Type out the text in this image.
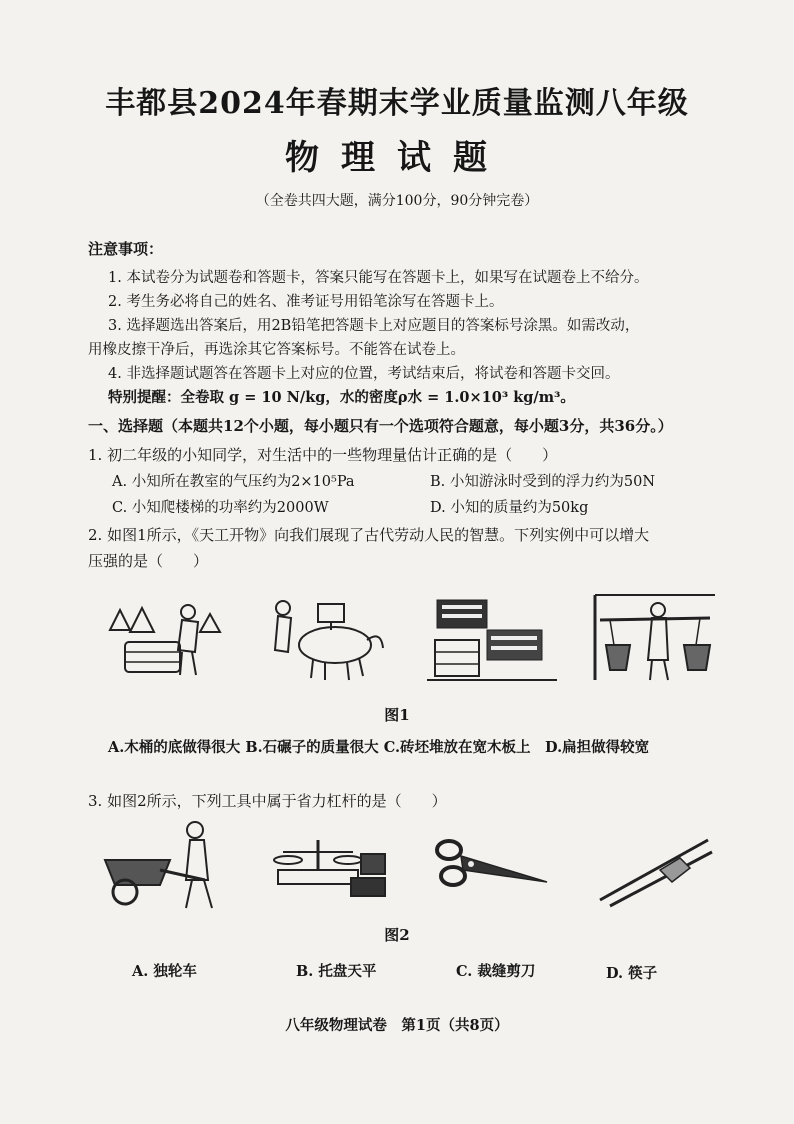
丰都县2024年春期末学业质量监测八年级
物理试题
（全卷共四大题，满分100分，90分钟完卷）
注意事项：
1. 本试卷分为试题卷和答题卡，答案只能写在答题卡上，如果写在试题卷上不给分。
2. 考生务必将自己的姓名、准考证号用铅笔涂写在答题卡上。
3. 选择题选出答案后，用2B铅笔把答题卡上对应题目的答案标号涂黑。如需改动，
用橡皮擦干净后，再选涂其它答案标号。不能答在试卷上。
4. 非选择题试题答在答题卡上对应的位置，考试结束后，将试卷和答题卡交回。
特别提醒：全卷取 g = 10 N/kg，水的密度ρ水 = 1.0×10³ kg/m³。
一、选择题（本题共12个小题，每小题只有一个选项符合题意，每小题3分，共36分。）
1. 初二年级的小知同学，对生活中的一些物理量估计正确的是（　　）
A. 小知所在教室的气压约为2×10⁵Pa	B. 小知游泳时受到的浮力约为50N
C. 小知爬楼梯的功率约为2000W	D. 小知的质量约为50kg
2. 如图1所示，《天工开物》向我们展现了古代劳动人民的智慧。下列实例中可以增大
压强的是（　　）
图1
A.木桶的底做得很大 B.石碾子的质量很大 C.砖坯堆放在宽木板上　D.扁担做得较宽
3. 如图2所示，下列工具中属于省力杠杆的是（　　）
图2
A. 独轮车	B. 托盘天平	C. 裁缝剪刀	D. 筷子
八年级物理试卷　第1页（共8页）
